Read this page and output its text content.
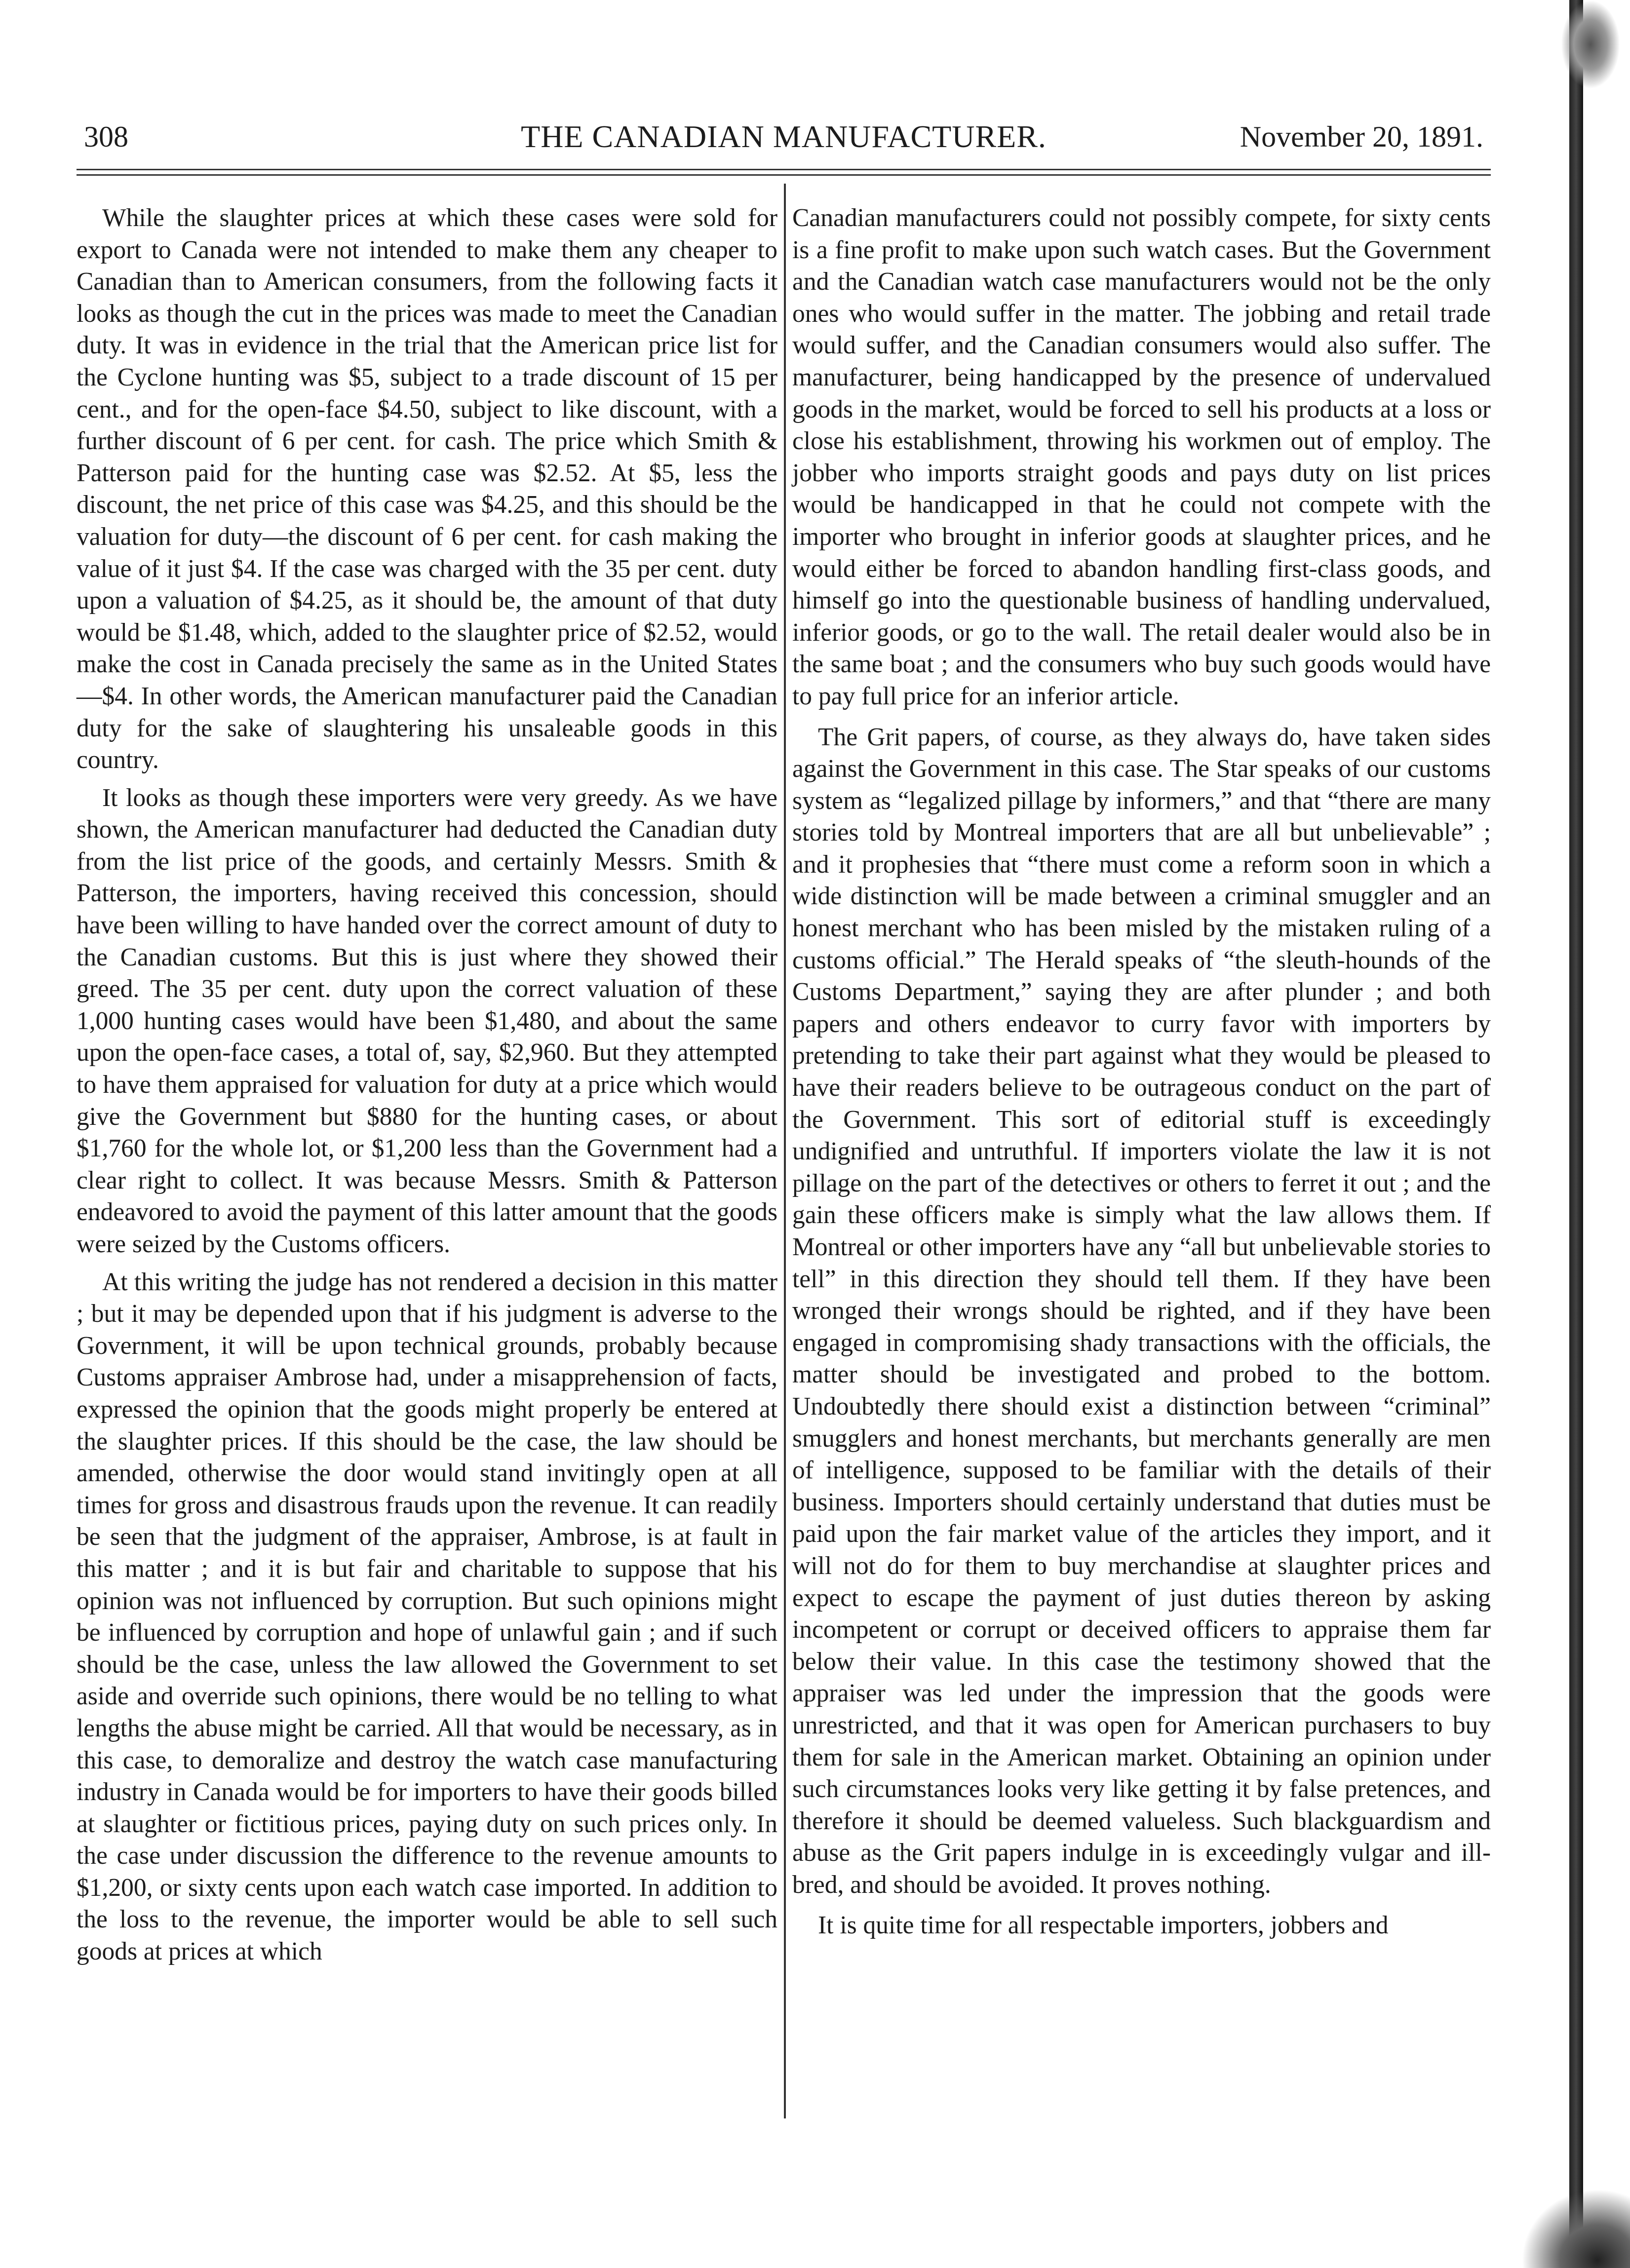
308	THE CANADIAN MANUFACTURER.	November 20, 1891.

While the slaughter prices at which these cases were sold for export to Canada were not intended to make them any cheaper to Canadian than to American consumers, from the following facts it looks as though the cut in the prices was made to meet the Canadian duty. It was in evidence in the trial that the American price list for the Cyclone hunting was $5, subject to a trade discount of 15 per cent., and for the open-face $4.50, subject to like discount, with a further discount of 6 per cent. for cash. The price which Smith & Patterson paid for the hunting case was $2.52. At $5, less the discount, the net price of this case was $4.25, and this should be the valuation for duty—the discount of 6 per cent. for cash making the value of it just $4. If the case was charged with the 35 per cent. duty upon a valuation of $4.25, as it should be, the amount of that duty would be $1.48, which, added to the slaughter price of $2.52, would make the cost in Canada precisely the same as in the United States—$4. In other words, the American manufacturer paid the Canadian duty for the sake of slaughtering his unsaleable goods in this country.

It looks as though these importers were very greedy. As we have shown, the American manufacturer had deducted the Canadian duty from the list price of the goods, and certainly Messrs. Smith & Patterson, the importers, having received this concession, should have been willing to have handed over the correct amount of duty to the Canadian customs. But this is just where they showed their greed. The 35 per cent. duty upon the correct valuation of these 1,000 hunting cases would have been $1,480, and about the same upon the open-face cases, a total of, say, $2,960. But they attempted to have them appraised for valuation for duty at a price which would give the Government but $880 for the hunting cases, or about $1,760 for the whole lot, or $1,200 less than the Government had a clear right to collect. It was because Messrs. Smith & Patterson endeavored to avoid the payment of this latter amount that the goods were seized by the Customs officers.

At this writing the judge has not rendered a decision in this matter ; but it may be depended upon that if his judgment is adverse to the Government, it will be upon technical grounds, probably because Customs appraiser Ambrose had, under a misapprehension of facts, expressed the opinion that the goods might properly be entered at the slaughter prices. If this should be the case, the law should be amended, otherwise the door would stand invitingly open at all times for gross and disastrous frauds upon the revenue. It can readily be seen that the judgment of the appraiser, Ambrose, is at fault in this matter ; and it is but fair and charitable to suppose that his opinion was not influenced by corruption. But such opinions might be influenced by corruption and hope of unlawful gain ; and if such should be the case, unless the law allowed the Government to set aside and override such opinions, there would be no telling to what lengths the abuse might be carried. All that would be necessary, as in this case, to demoralize and destroy the watch case manufacturing industry in Canada would be for importers to have their goods billed at slaughter or fictitious prices, paying duty on such prices only. In the case under discussion the difference to the revenue amounts to $1,200, or sixty cents upon each watch case imported. In addition to the loss to the revenue, the importer would be able to sell such goods at prices at which

Canadian manufacturers could not possibly compete, for sixty cents is a fine profit to make upon such watch cases. But the Government and the Canadian watch case manufacturers would not be the only ones who would suffer in the matter. The jobbing and retail trade would suffer, and the Canadian consumers would also suffer. The manufacturer, being handicapped by the presence of undervalued goods in the market, would be forced to sell his products at a loss or close his establishment, throwing his workmen out of employ. The jobber who imports straight goods and pays duty on list prices would be handicapped in that he could not compete with the importer who brought in inferior goods at slaughter prices, and he would either be forced to abandon handling first-class goods, and himself go into the questionable business of handling undervalued, inferior goods, or go to the wall. The retail dealer would also be in the same boat ; and the consumers who buy such goods would have to pay full price for an inferior article.

The Grit papers, of course, as they always do, have taken sides against the Government in this case. The Star speaks of our customs system as “legalized pillage by informers,” and that “there are many stories told by Montreal importers that are all but unbelievable” ; and it prophesies that “there must come a reform soon in which a wide distinction will be made between a criminal smuggler and an honest merchant who has been misled by the mistaken ruling of a customs official.” The Herald speaks of “the sleuth-hounds of the Customs Department,” saying they are after plunder ; and both papers and others endeavor to curry favor with importers by pretending to take their part against what they would be pleased to have their readers believe to be outrageous conduct on the part of the Government. This sort of editorial stuff is exceedingly undignified and untruthful. If importers violate the law it is not pillage on the part of the detectives or others to ferret it out ; and the gain these officers make is simply what the law allows them. If Montreal or other importers have any “all but unbelievable stories to tell” in this direction they should tell them. If they have been wronged their wrongs should be righted, and if they have been engaged in compromising shady transactions with the officials, the matter should be investigated and probed to the bottom. Undoubtedly there should exist a distinction between “criminal” smugglers and honest merchants, but merchants generally are men of intelligence, supposed to be familiar with the details of their business. Importers should certainly understand that duties must be paid upon the fair market value of the articles they import, and it will not do for them to buy merchandise at slaughter prices and expect to escape the payment of just duties thereon by asking incompetent or corrupt or deceived officers to appraise them far below their value. In this case the testimony showed that the appraiser was led under the impression that the goods were unrestricted, and that it was open for American purchasers to buy them for sale in the American market. Obtaining an opinion under such circumstances looks very like getting it by false pretences, and therefore it should be deemed valueless. Such blackguardism and abuse as the Grit papers indulge in is exceedingly vulgar and ill-bred, and should be avoided. It proves nothing.

It is quite time for all respectable importers, jobbers and
